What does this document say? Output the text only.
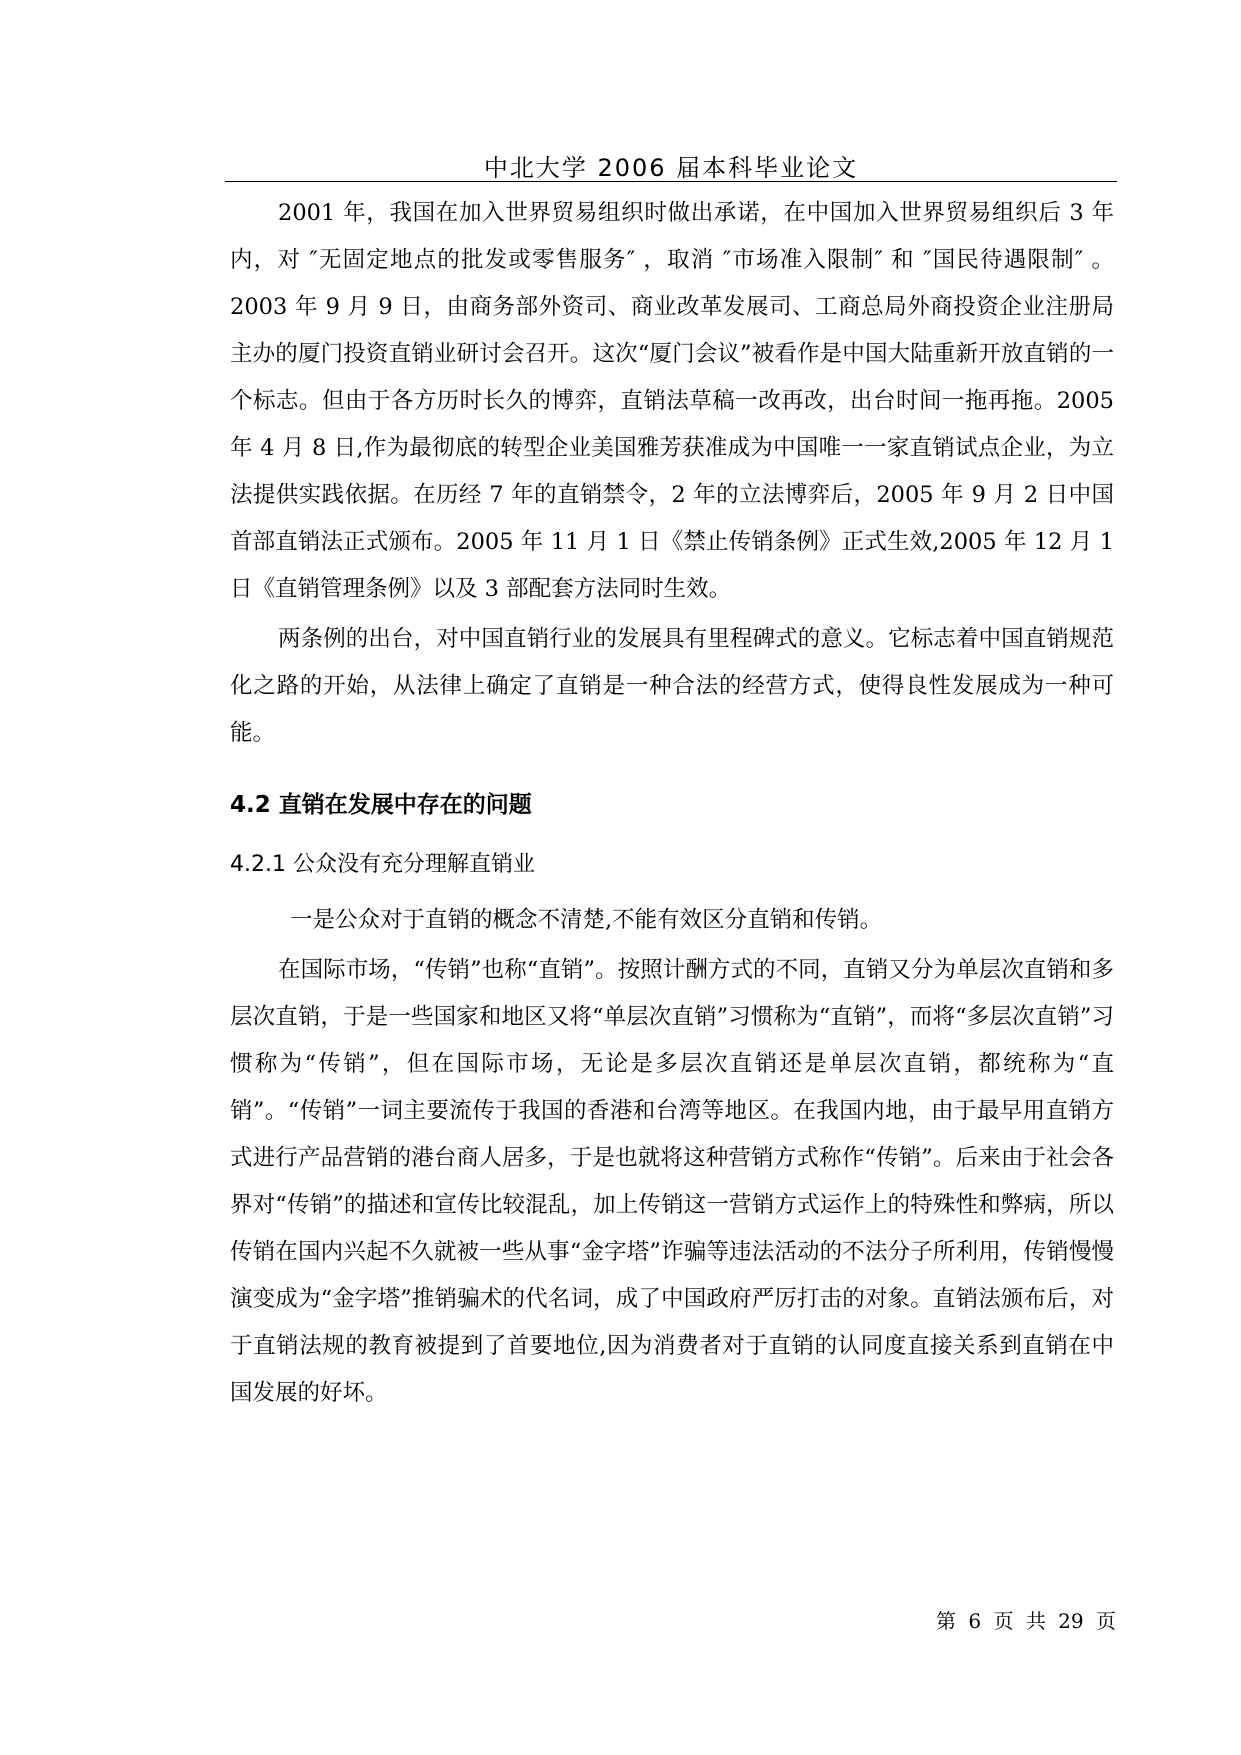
中北大学 2006 届本科毕业论文

2001 年，我国在加入世界贸易组织时做出承诺，在中国加入世界贸易组织后 3 年内，对 ″无固定地点的批发或零售服务″ ，取消 ″市场准入限制″ 和 ″国民待遇限制″ 。2003 年 9 月 9 日，由商务部外资司、商业改革发展司、工商总局外商投资企业注册局主办的厦门投资直销业研讨会召开。这次“厦门会议”被看作是中国大陆重新开放直销的一个标志。但由于各方历时长久的博弈，直销法草稿一改再改，出台时间一拖再拖。2005 年 4 月 8 日,作为最彻底的转型企业美国雅芳获准成为中国唯一一家直销试点企业，为立法提供实践依据。在历经 7 年的直销禁令，2 年的立法博弈后，2005 年 9 月 2 日中国首部直销法正式颁布。2005 年 11 月 1 日《禁止传销条例》正式生效,2005 年 12 月 1 日《直销管理条例》以及 3 部配套方法同时生效。

两条例的出台，对中国直销行业的发展具有里程碑式的意义。它标志着中国直销规范化之路的开始，从法律上确定了直销是一种合法的经营方式，使得良性发展成为一种可能。

4.2 直销在发展中存在的问题
4.2.1 公众没有充分理解直销业

一是公众对于直销的概念不清楚,不能有效区分直销和传销。

在国际市场，“传销”也称“直销”。按照计酬方式的不同，直销又分为单层次直销和多层次直销，于是一些国家和地区又将“单层次直销”习惯称为“直销”，而将“多层次直销”习惯称为“传销”，但在国际市场，无论是多层次直销还是单层次直销，都统称为“直销”。“传销”一词主要流传于我国的香港和台湾等地区。在我国内地，由于最早用直销方式进行产品营销的港台商人居多，于是也就将这种营销方式称作“传销”。后来由于社会各界对“传销”的描述和宣传比较混乱，加上传销这一营销方式运作上的特殊性和弊病，所以传销在国内兴起不久就被一些从事“金字塔”诈骗等违法活动的不法分子所利用，传销慢慢演变成为“金字塔”推销骗术的代名词，成了中国政府严厉打击的对象。直销法颁布后，对于直销法规的教育被提到了首要地位,因为消费者对于直销的认同度直接关系到直销在中国发展的好坏。

第 6 页 共 29 页
